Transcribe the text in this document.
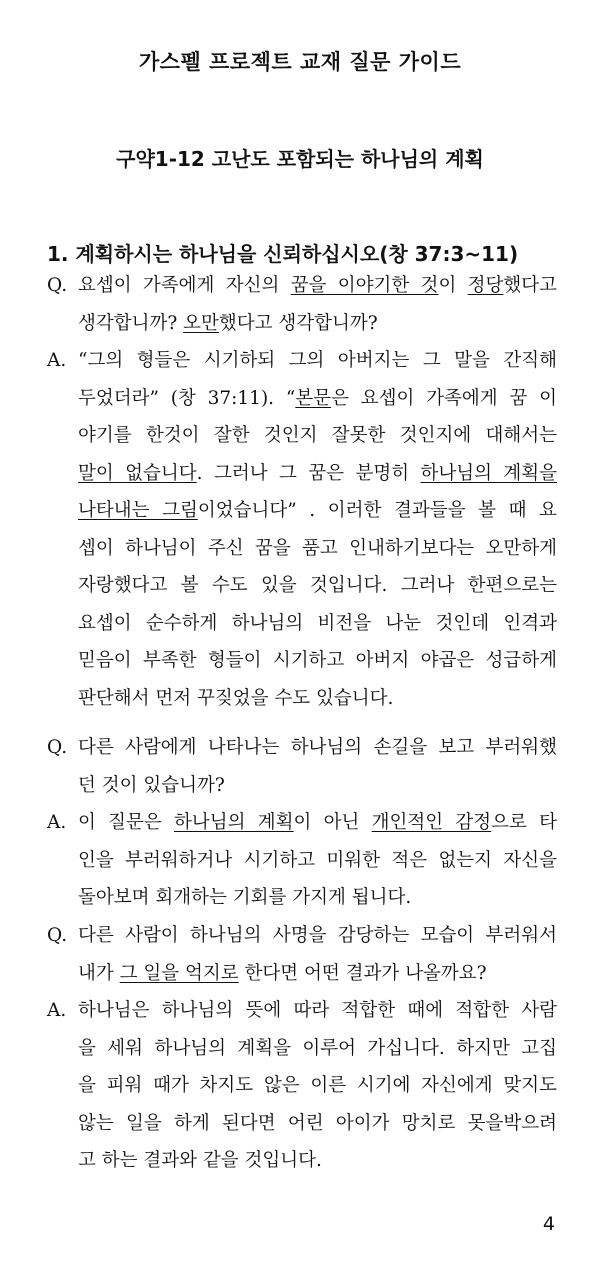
가스펠 프로젝트 교재 질문 가이드
구약1-12 고난도 포함되는 하나님의 계획
1. 계획하시는 하나님을 신뢰하십시오(창 37:3~11)
Q. 요셉이 가족에게 자신의 꿈을 이야기한 것이 정당했다고
생각합니까? 오만했다고 생각합니까?
A. “그의 형들은 시기하되 그의 아버지는 그 말을 간직해
두었더라” (창 37:11). “본문은 요셉이 가족에게 꿈 이
야기를 한것이 잘한 것인지 잘못한 것인지에 대해서는
말이 없습니다. 그러나 그 꿈은 분명히 하나님의 계획을
나타내는 그림이었습니다” . 이러한 결과들을 볼 때 요
셉이 하나님이 주신 꿈을 품고 인내하기보다는 오만하게
자랑했다고 볼 수도 있을 것입니다. 그러나 한편으로는
요셉이 순수하게 하나님의 비전을 나눈 것인데 인격과
믿음이 부족한 형들이 시기하고 아버지 야곱은 성급하게
판단해서 먼저 꾸짖었을 수도 있습니다.
Q. 다른 사람에게 나타나는 하나님의 손길을 보고 부러워했
던 것이 있습니까?
A. 이 질문은 하나님의 계획이 아닌 개인적인 감정으로 타
인을 부러워하거나 시기하고 미워한 적은 없는지 자신을
돌아보며 회개하는 기회를 가지게 됩니다.
Q. 다른 사람이 하나님의 사명을 감당하는 모습이 부러워서
내가 그 일을 억지로 한다면 어떤 결과가 나올까요?
A. 하나님은 하나님의 뜻에 따라 적합한 때에 적합한 사람
을 세워 하나님의 계획을 이루어 가십니다. 하지만 고집
을 피워 때가 차지도 않은 이른 시기에 자신에게 맞지도
않는 일을 하게 된다면 어린 아이가 망치로 못을박으려
고 하는 결과와 같을 것입니다.
4
